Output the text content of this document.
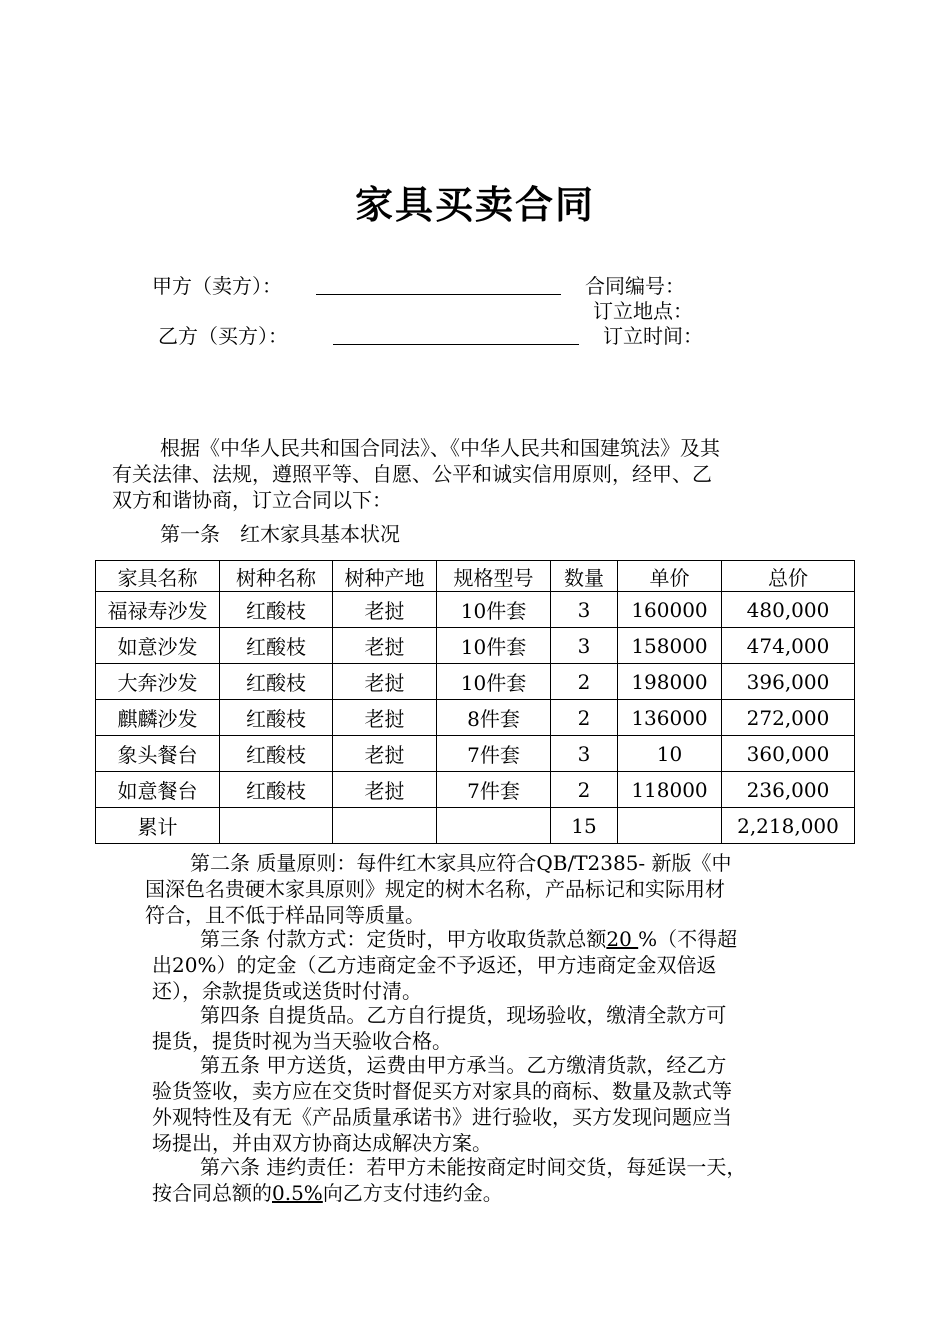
家具买卖合同
甲方（卖方）：	合同编号：
订立地点：
乙方（买方）：	订立时间：
根据《中华人民共和国合同法》、《中华人民共和国建筑法》及其
有关法律、法规，遵照平等、自愿、公平和诚实信用原则，经甲、乙
双方和谐协商，订立合同以下：
第一条　红木家具基本状况
家具名称	树种名称	树种产地	规格型号	数量	单价	总价
福禄寿沙发	红酸枝	老挝	10件套	3	160000	480,000
如意沙发	红酸枝	老挝	10件套	3	158000	474,000
大奔沙发	红酸枝	老挝	10件套	2	198000	396,000
麒麟沙发	红酸枝	老挝	8件套	2	136000	272,000
象头餐台	红酸枝	老挝	7件套	3	10	360,000
如意餐台	红酸枝	老挝	7件套	2	118000	236,000
累计				15		2,218,000
第二条 质量原则：每件红木家具应符合QB/T2385- 新版《中
国深色名贵硬木家具原则》规定的树木名称，产品标记和实际用材
符合，且不低于样品同等质量。
第三条 付款方式：定货时，甲方收取货款总额20 %（不得超
出20%）的定金（乙方违商定金不予返还，甲方违商定金双倍返
还），余款提货或送货时付清。
第四条 自提货品。乙方自行提货，现场验收，缴清全款方可
提货，提货时视为当天验收合格。
第五条 甲方送货，运费由甲方承当。乙方缴清货款，经乙方
验货签收，卖方应在交货时督促买方对家具的商标、数量及款式等
外观特性及有无《产品质量承诺书》进行验收，买方发现问题应当
场提出，并由双方协商达成解决方案。
第六条 违约责任：若甲方未能按商定时间交货，每延误一天，
按合同总额的0.5%向乙方支付违约金。
